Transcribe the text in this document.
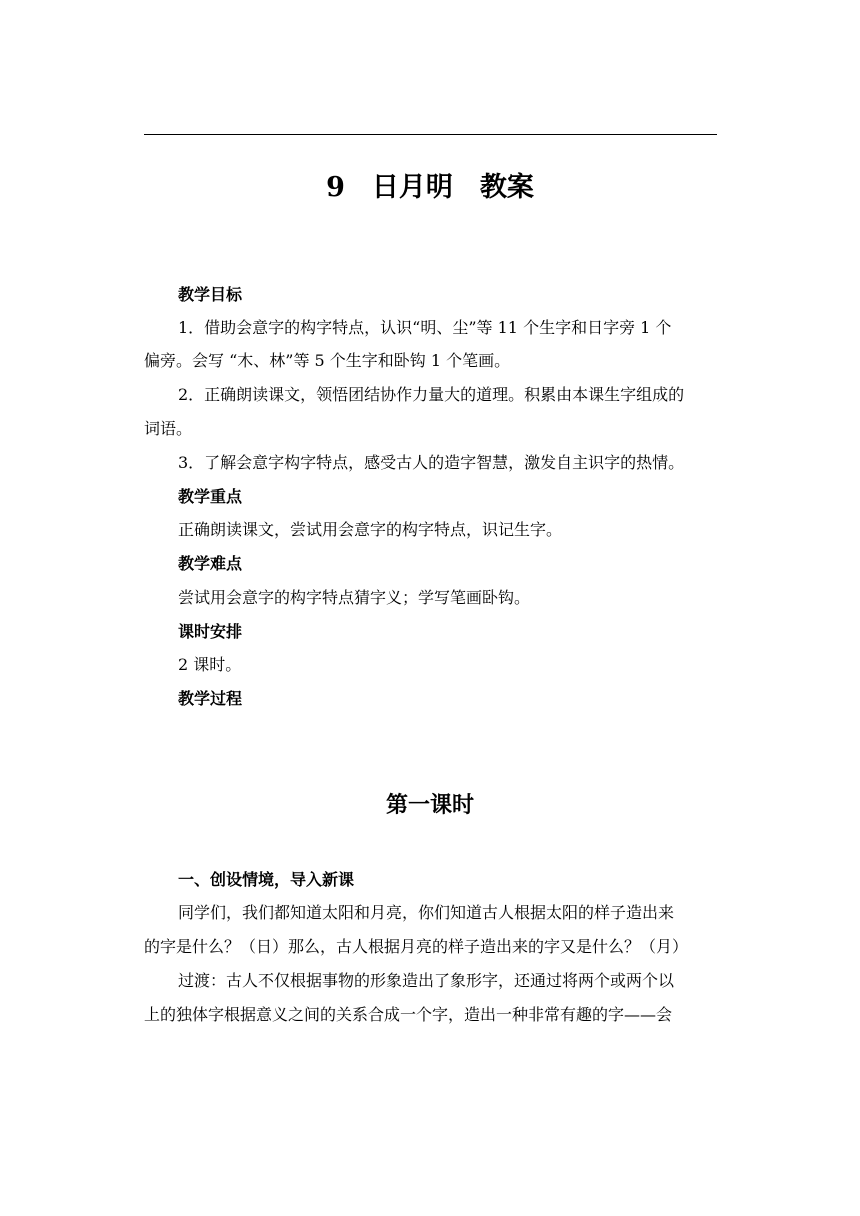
9　日月明　教案
教学目标
1．借助会意字的构字特点，认识“明、尘”等 11 个生字和日字旁 1 个
偏旁。会写 “木、林”等 5 个生字和卧钩 1 个笔画。
2．正确朗读课文，领悟团结协作力量大的道理。积累由本课生字组成的
词语。
3．了解会意字构字特点，感受古人的造字智慧，激发自主识字的热情。
教学重点
正确朗读课文，尝试用会意字的构字特点，识记生字。
教学难点
尝试用会意字的构字特点猜字义；学写笔画卧钩。
课时安排
2 课时。
教学过程
第一课时
一、创设情境，导入新课
同学们，我们都知道太阳和月亮，你们知道古人根据太阳的样子造出来
的字是什么？（日）那么，古人根据月亮的样子造出来的字又是什么？（月）
过渡：古人不仅根据事物的形象造出了象形字，还通过将两个或两个以
上的独体字根据意义之间的关系合成一个字，造出一种非常有趣的字——会
